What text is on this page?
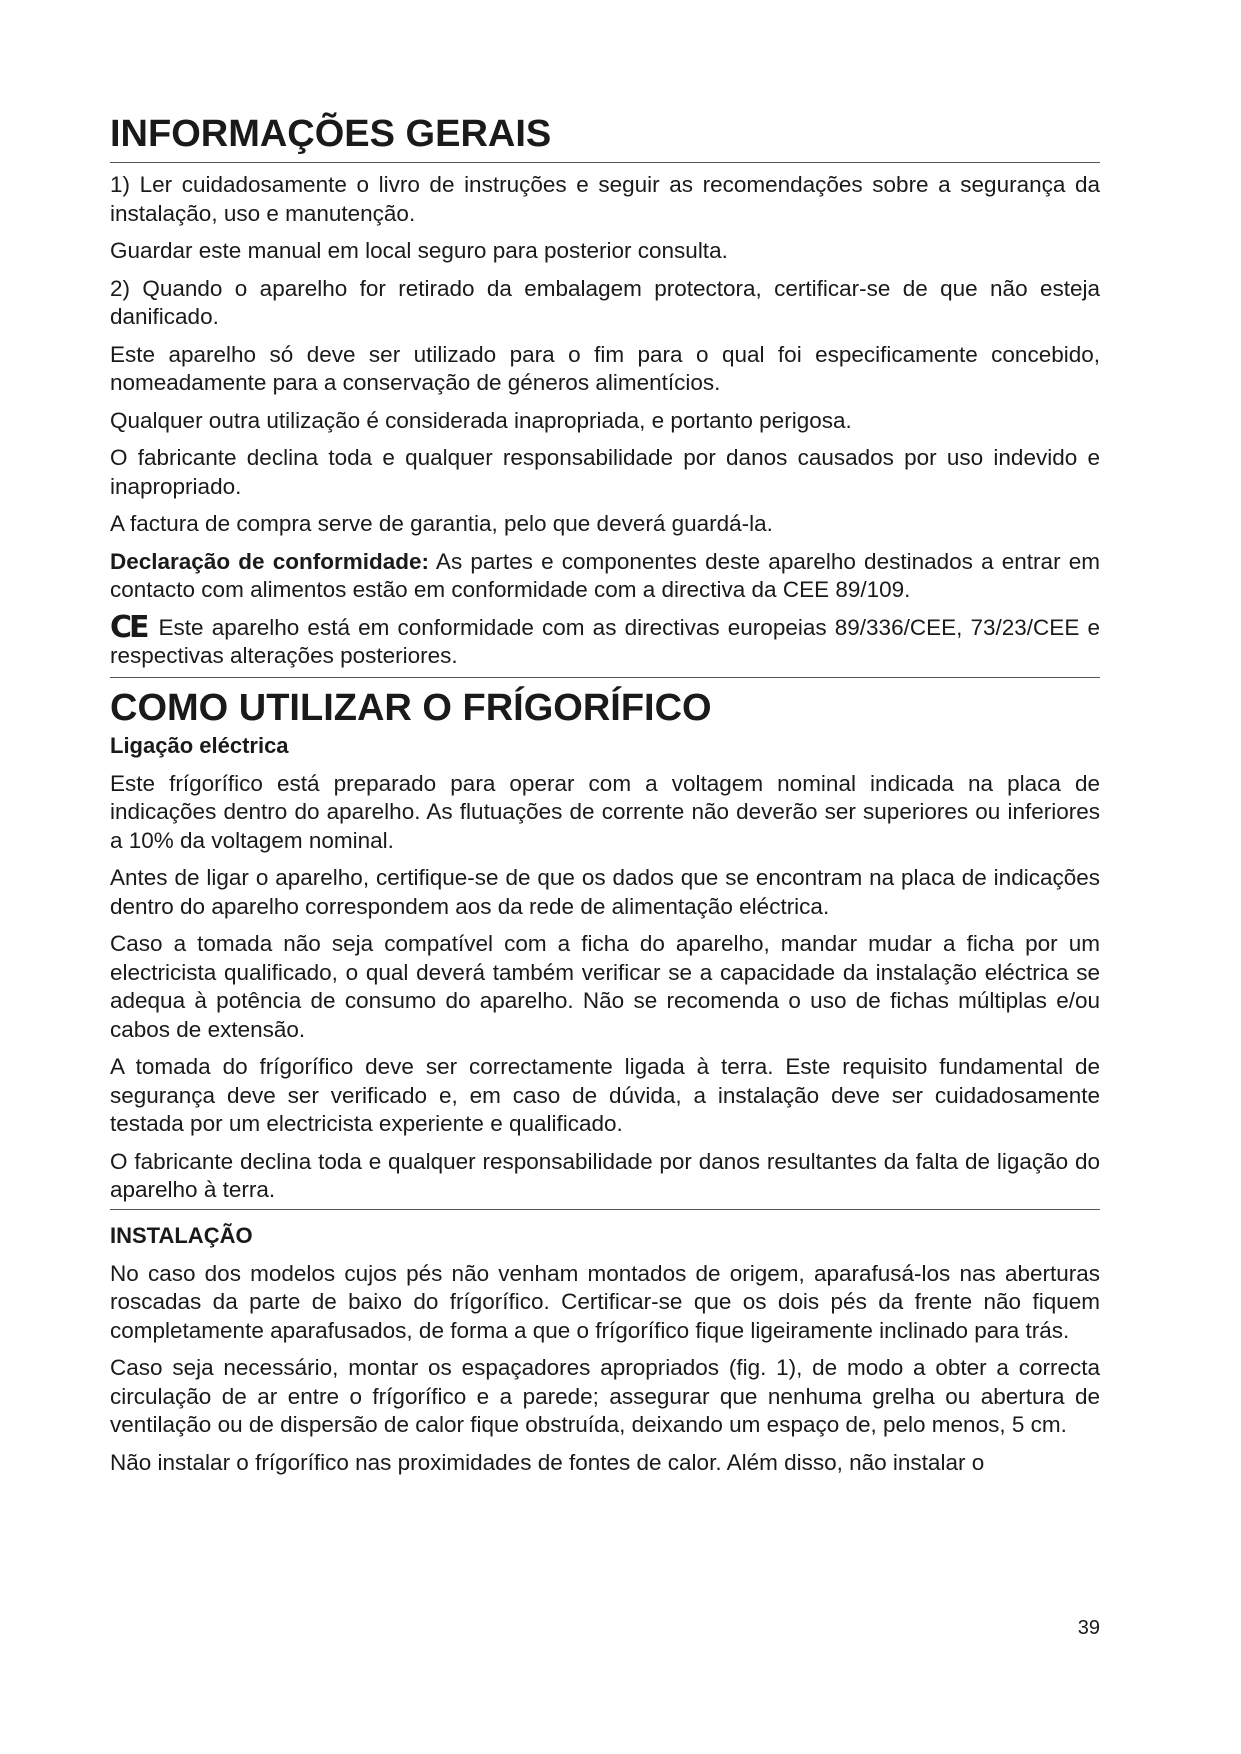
INFORMAÇÕES GERAIS

1) Ler cuidadosamente o livro de instruções e seguir as recomendações sobre a segurança da instalação, uso e manutenção.

Guardar este manual em local seguro para posterior consulta.

2) Quando o aparelho for retirado da embalagem protectora, certificar-se de que não esteja danificado.

Este aparelho só deve ser utilizado para o fim para o qual foi especificamente concebido, nomeadamente para a conservação de géneros alimentícios.

Qualquer outra utilização é considerada inapropriada, e portanto perigosa.

O fabricante declina toda e qualquer responsabilidade por danos causados por uso indevido e inapropriado.

A factura de compra serve de garantia, pelo que deverá guardá-la.

Declaração de conformidade: As partes e componentes deste aparelho destinados a entrar em contacto com alimentos estão em conformidade com a directiva da CEE 89/109.

CE Este aparelho está em conformidade com as directivas europeias 89/336/CEE, 73/23/CEE e respectivas alterações posteriores.

COMO UTILIZAR O FRÍGORÍFICO
Ligação eléctrica

Este frígorífico está preparado para operar com a voltagem nominal indicada na placa de indicações dentro do aparelho. As flutuações de corrente não deverão ser superiores ou inferiores a 10% da voltagem nominal.

Antes de ligar o aparelho, certifique-se de que os dados que se encontram na placa de indicações dentro do aparelho correspondem aos da rede de alimentação eléctrica.

Caso a tomada não seja compatível com a ficha do aparelho, mandar mudar a ficha por um electricista qualificado, o qual deverá também verificar se a capacidade da instalação eléctrica se adequa à potência de consumo do aparelho. Não se recomenda o uso de fichas múltiplas e/ou cabos de extensão.

A tomada do frígorífico deve ser correctamente ligada à terra. Este requisito fundamental de segurança deve ser verificado e, em caso de dúvida, a instalação deve ser cuidadosamente testada por um electricista experiente e qualificado.

O fabricante declina toda e qualquer responsabilidade por danos resultantes da falta de ligação do aparelho à terra.

INSTALAÇÃO

No caso dos modelos cujos pés não venham montados de origem, aparafusá-los nas aberturas roscadas da parte de baixo do frígorífico. Certificar-se que os dois pés da frente não fiquem completamente aparafusados, de forma a que o frígorífico fique ligeiramente inclinado para trás.

Caso seja necessário, montar os espaçadores apropriados (fig. 1), de modo a obter a correcta circulação de ar entre o frígorífico e a parede; assegurar que nenhuma grelha ou abertura de ventilação ou de dispersão de calor fique obstruída, deixando um espaço de, pelo menos, 5 cm.

Não instalar o frígorífico nas proximidades de fontes de calor. Além disso, não instalar o

39
